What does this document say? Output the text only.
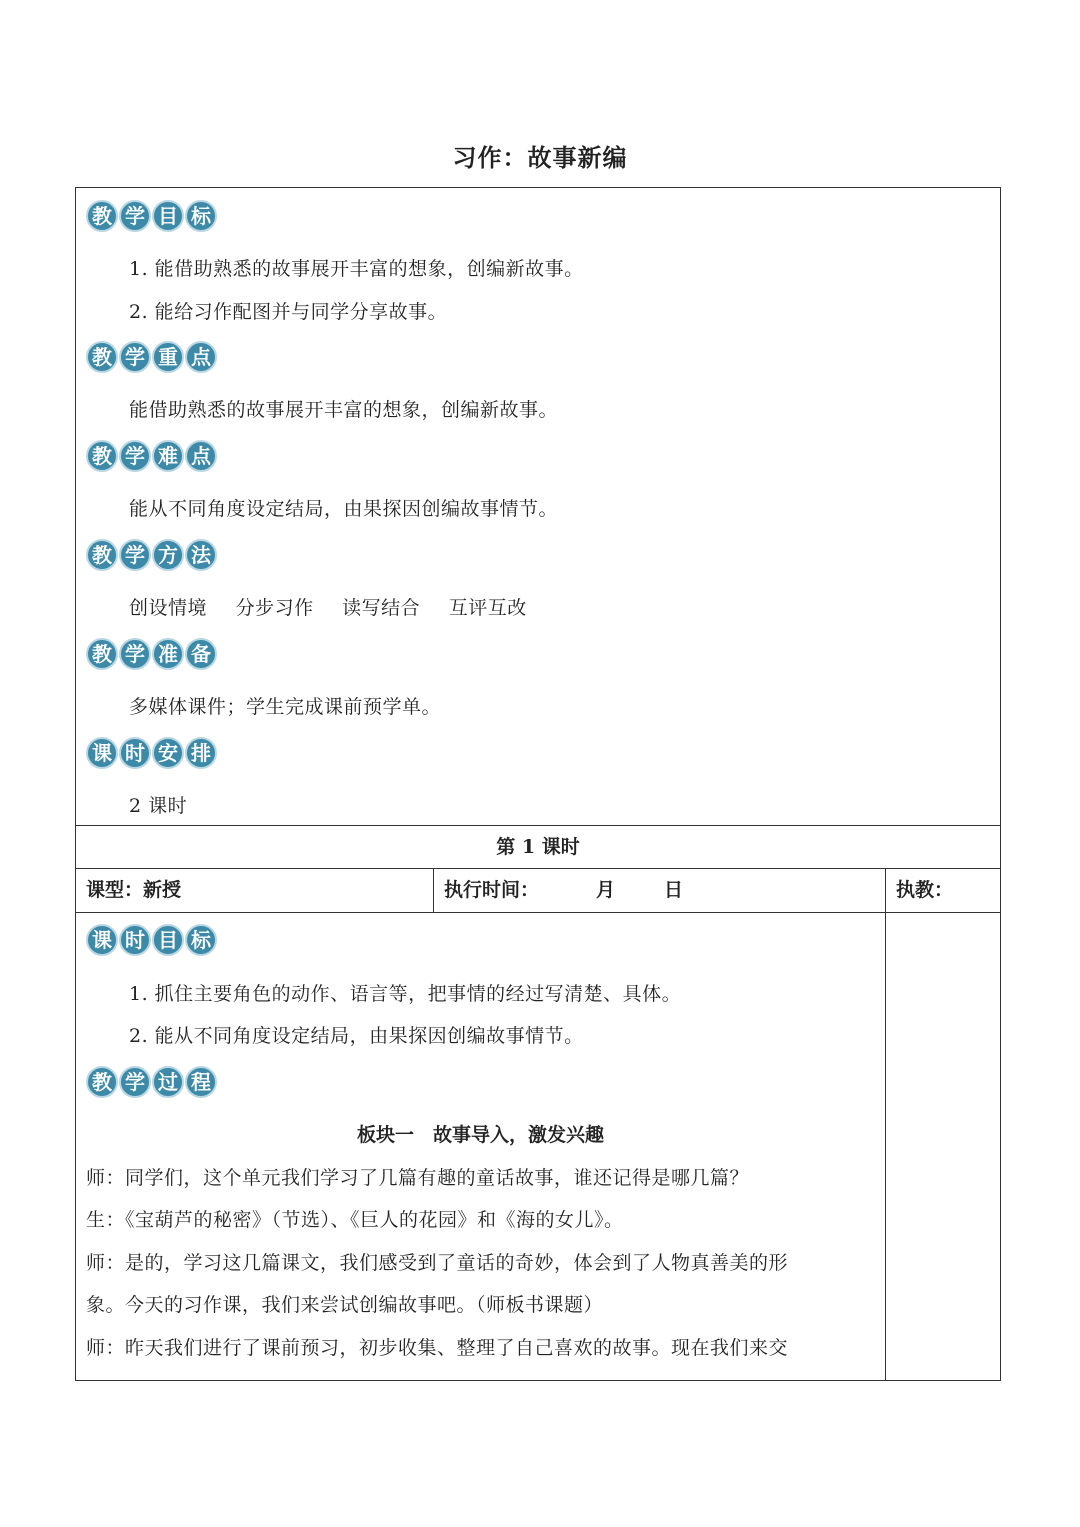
习作：故事新编
教 学 目 标
1. 能借助熟悉的故事展开丰富的想象，创编新故事。
2. 能给习作配图并与同学分享故事。
教 学 重 点
能借助熟悉的故事展开丰富的想象，创编新故事。
教 学 难 点
能从不同角度设定结局，由果探因创编故事情节。
教 学 方 法
创设情境 分步习作 读写结合 互评互改
教 学 准 备
多媒体课件；学生完成课前预学单。
课 时 安 排
2 课时
第 1 课时
课型：新授	执行时间：	月	日	执教：
课 时 目 标
1. 抓住主要角色的动作、语言等，把事情的经过写清楚、具体。
2. 能从不同角度设定结局，由果探因创编故事情节。
教 学 过 程
板块一　故事导入，激发兴趣
师：同学们，这个单元我们学习了几篇有趣的童话故事，谁还记得是哪几篇？
生：《宝葫芦的秘密》（节选）、《巨人的花园》和《海的女儿》。
师：是的，学习这几篇课文，我们感受到了童话的奇妙，体会到了人物真善美的形
象。今天的习作课，我们来尝试创编故事吧。（师板书课题）
师：昨天我们进行了课前预习，初步收集、整理了自己喜欢的故事。现在我们来交
